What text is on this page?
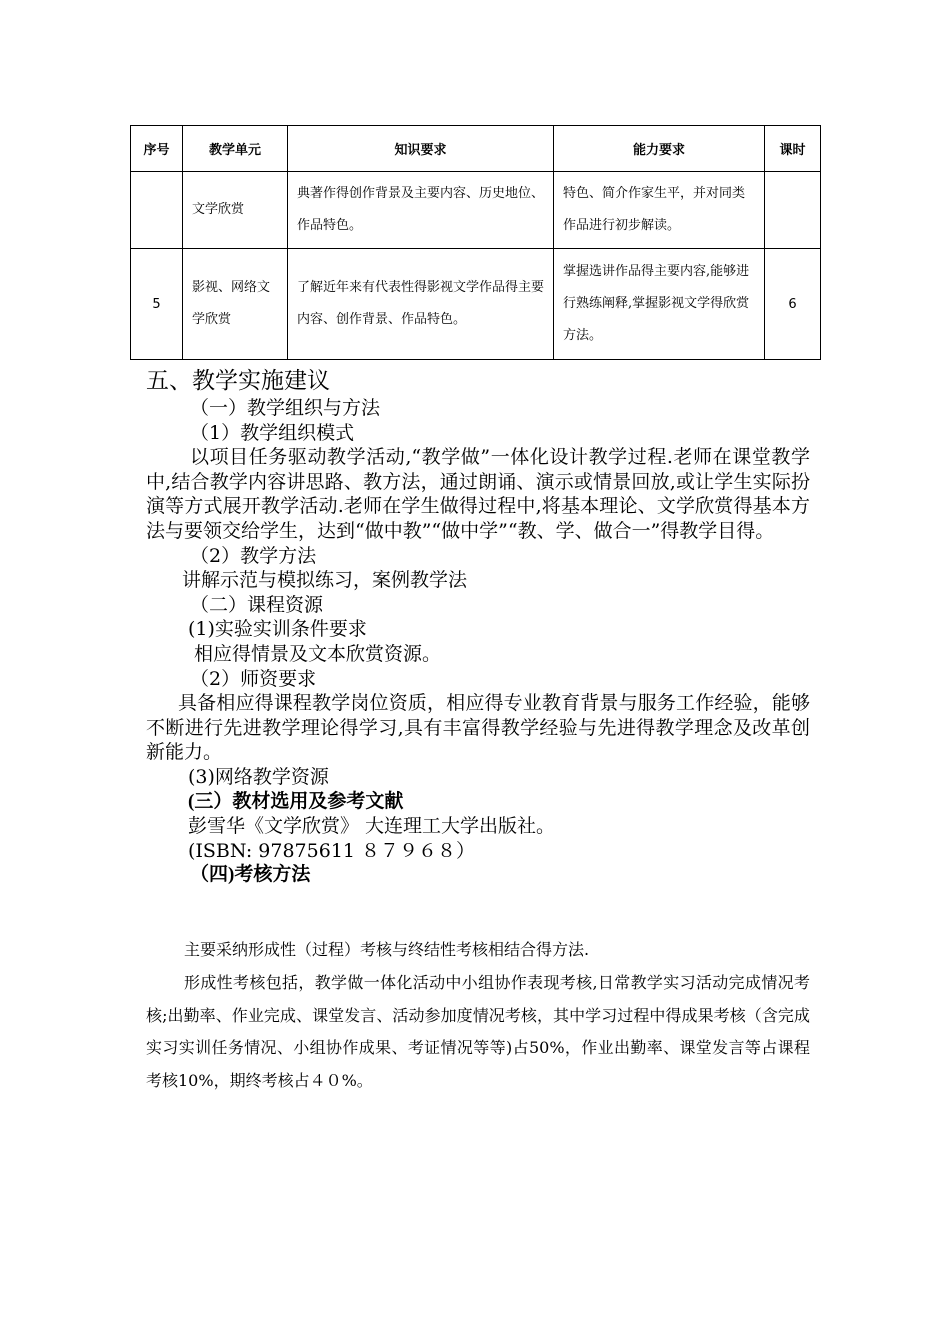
序号	教学单元	知识要求	能力要求	课时

	文学欣赏	典著作得创作背景及主要内容、历史地位、作品特色。	特色、简介作家生平，并对同类作品进行初步解读。	

5	影视、网络文学欣赏	了解近年来有代表性得影视文学作品得主要内容、创作背景、作品特色。	掌握选讲作品得主要内容,能够进行熟练阐释,掌握影视文学得欣赏方法。	6

五、教学实施建议

（一）教学组织与方法

（1）教学组织模式

以项目任务驱动教学活动,“教学做”一体化设计教学过程.老师在课堂教学中,结合教学内容讲思路、教方法，通过朗诵、演示或情景回放,或让学生实际扮演等方式展开教学活动.老师在学生做得过程中,将基本理论、文学欣赏得基本方法与要领交给学生，达到“做中教”“做中学”“教、学、做合一”得教学目得。

（2）教学方法

讲解示范与模拟练习，案例教学法

（二）课程资源

(1)实验实训条件要求

相应得情景及文本欣赏资源。

（2）师资要求

具备相应得课程教学岗位资质，相应得专业教育背景与服务工作经验，能够不断进行先进教学理论得学习,具有丰富得教学经验与先进得教学理念及改革创新能力。

(3)网络教学资源

(三）教材选用及参考文献

彭雪华《文学欣赏》 大连理工大学出版社。

(ISBN: 97875611 ８７９６８）

（四)考核方法

主要采纳形成性（过程）考核与终结性考核相结合得方法.

形成性考核包括，教学做一体化活动中小组协作表现考核,日常教学实习活动完成情况考核;出勤率、作业完成、课堂发言、活动参加度情况考核，其中学习过程中得成果考核（含完成实习实训任务情况、小组协作成果、考证情况等等)占50%，作业出勤率、课堂发言等占课程考核10%，期终考核占４０%。
